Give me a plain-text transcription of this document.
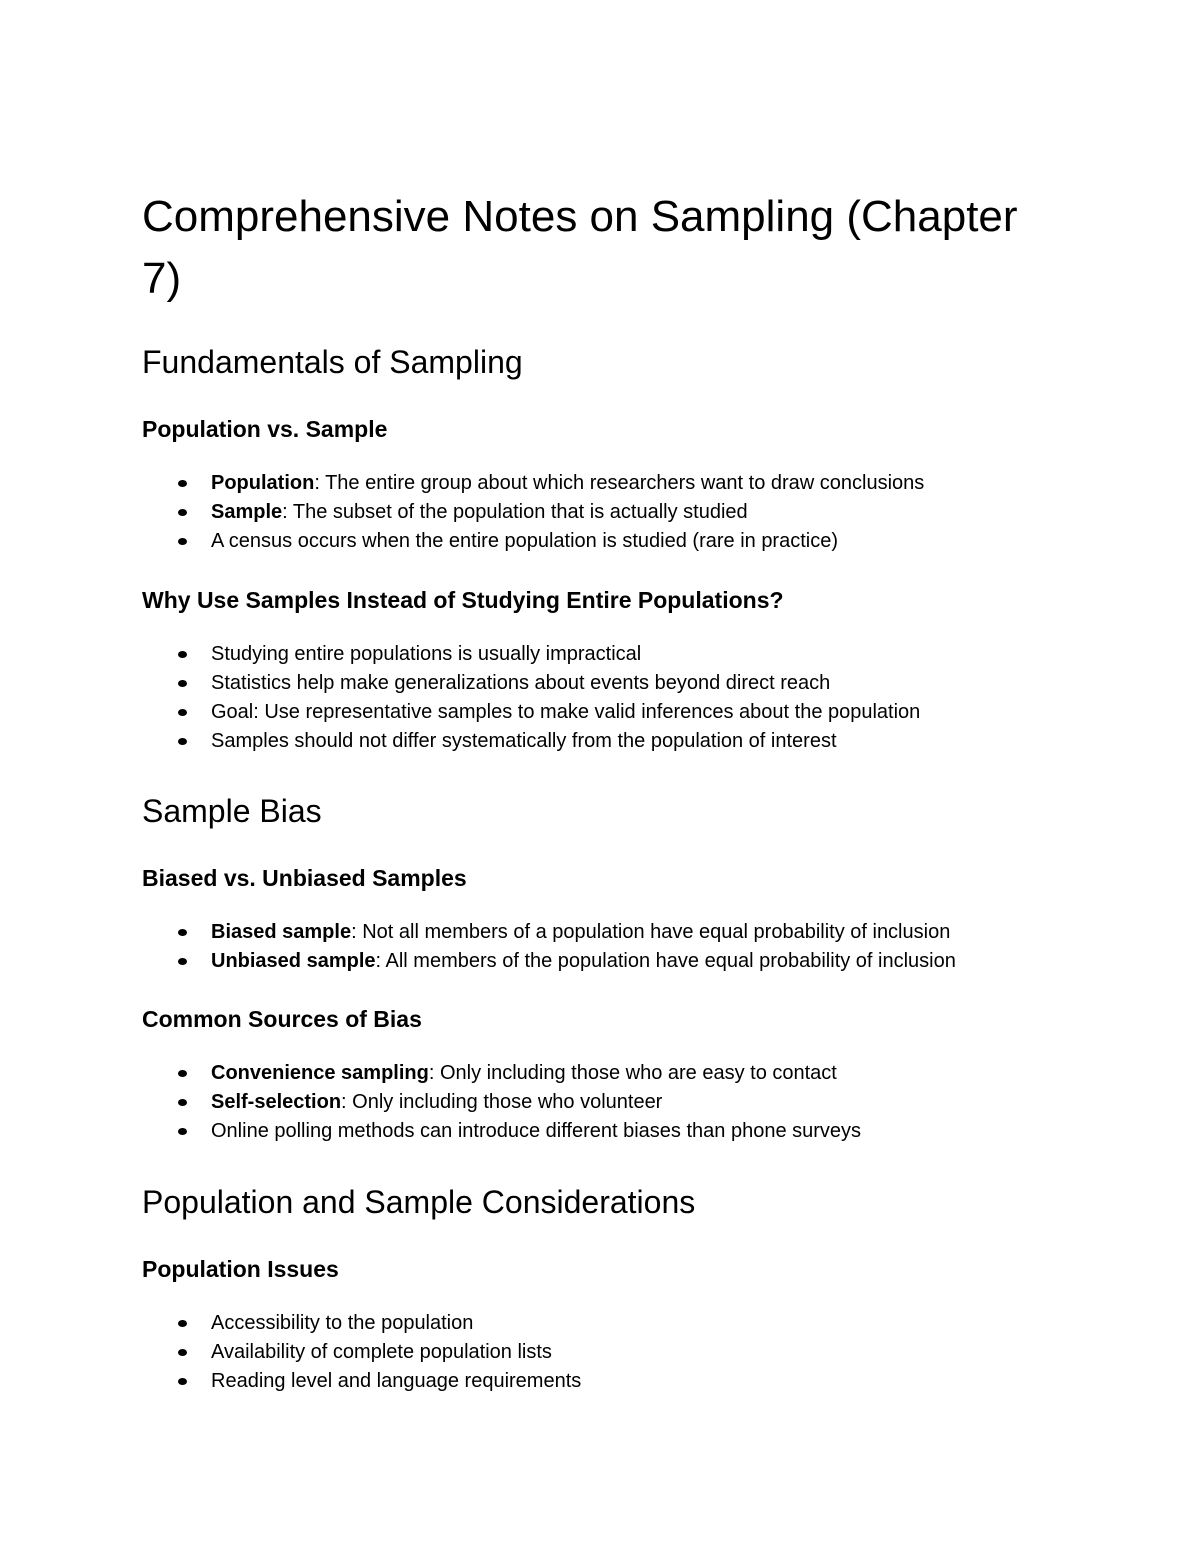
Comprehensive Notes on Sampling (Chapter 7)
Fundamentals of Sampling
Population vs. Sample
Population: The entire group about which researchers want to draw conclusions
Sample: The subset of the population that is actually studied
A census occurs when the entire population is studied (rare in practice)
Why Use Samples Instead of Studying Entire Populations?
Studying entire populations is usually impractical
Statistics help make generalizations about events beyond direct reach
Goal: Use representative samples to make valid inferences about the population
Samples should not differ systematically from the population of interest
Sample Bias
Biased vs. Unbiased Samples
Biased sample: Not all members of a population have equal probability of inclusion
Unbiased sample: All members of the population have equal probability of inclusion
Common Sources of Bias
Convenience sampling: Only including those who are easy to contact
Self-selection: Only including those who volunteer
Online polling methods can introduce different biases than phone surveys
Population and Sample Considerations
Population Issues
Accessibility to the population
Availability of complete population lists
Reading level and language requirements
